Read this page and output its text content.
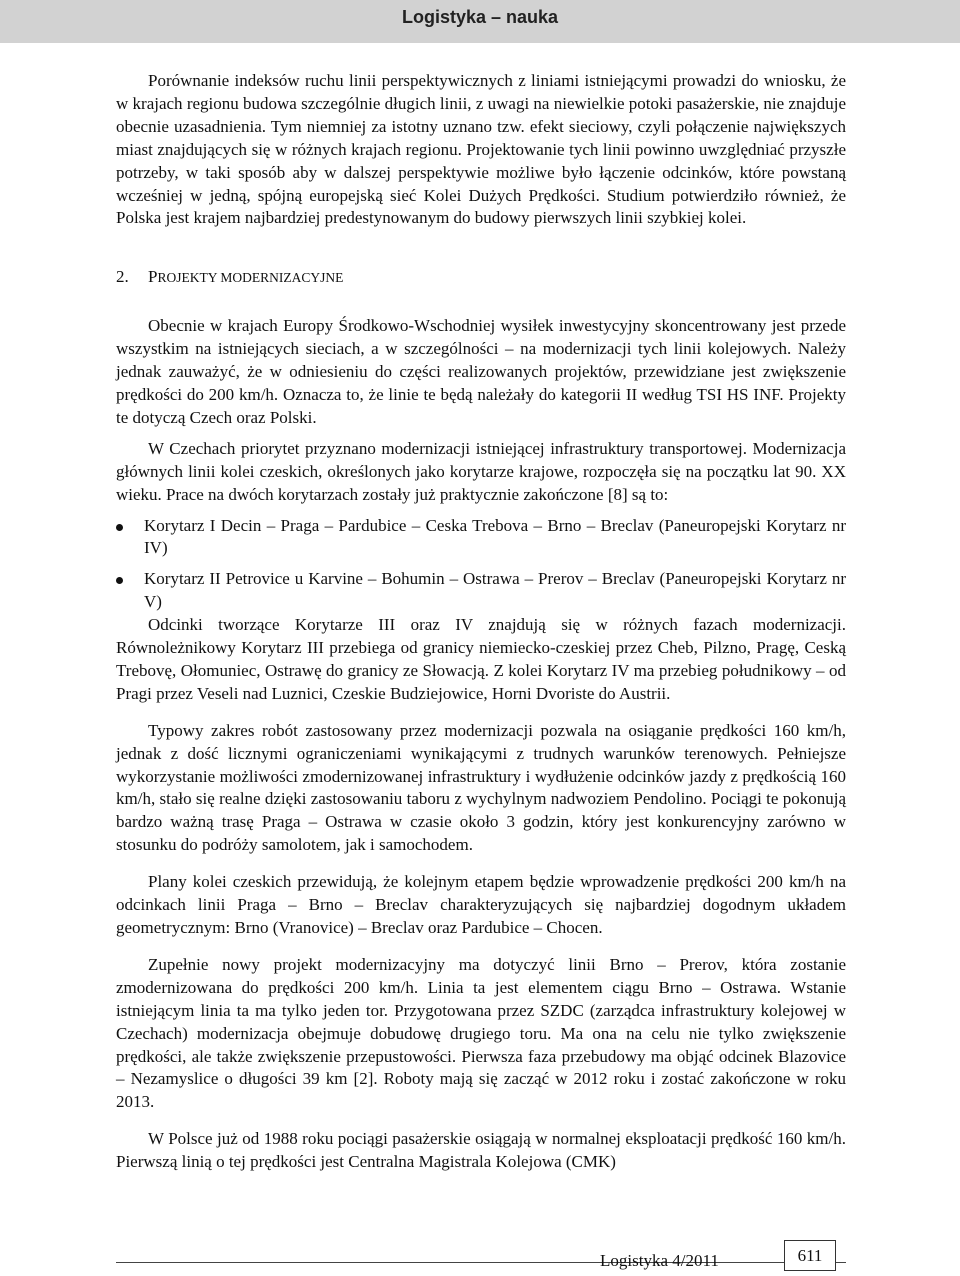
Logistyka – nauka

Porównanie indeksów ruchu linii perspektywicznych z liniami istniejącymi prowadzi do wniosku, że w krajach regionu budowa szczególnie długich linii, z uwagi na niewielkie potoki pasażerskie, nie znajduje obecnie uzasadnienia. Tym niemniej za istotny uznano tzw. efekt sieciowy, czyli połączenie największych miast znajdujących się w różnych krajach regionu. Projektowanie tych linii powinno uwzględniać przyszłe potrzeby, w taki sposób aby w dalszej perspektywie możliwe było łączenie odcinków, które powstaną wcześniej w jedną, spójną europejską sieć Kolei Dużych Prędkości. Studium potwierdziło również, że Polska jest krajem najbardziej predestynowanym do budowy pierwszych linii szybkiej kolei.

2. PROJEKTY MODERNIZACYJNE

Obecnie w krajach Europy Środkowo-Wschodniej wysiłek inwestycyjny skoncentrowany jest przede wszystkim na istniejących sieciach, a w szczególności – na modernizacji tych linii kolejowych. Należy jednak zauważyć, że w odniesieniu do części realizowanych projektów, przewidziane jest zwiększenie prędkości do 200 km/h. Oznacza to, że linie te będą należały do kategorii II według TSI HS INF. Projekty te dotyczą Czech oraz Polski.

W Czechach priorytet przyznano modernizacji istniejącej infrastruktury transportowej. Modernizacja głównych linii kolei czeskich, określonych jako korytarze krajowe, rozpoczęła się na początku lat 90. XX wieku. Prace na dwóch korytarzach zostały już praktycznie zakończone [8] są to:

Korytarz I Decin – Praga – Pardubice – Ceska Trebova – Brno – Breclav (Paneuropejski Korytarz nr IV)
Korytarz II Petrovice u Karvine – Bohumin – Ostrawa – Prerov – Breclav (Paneuropejski Korytarz nr V)

Odcinki tworzące Korytarze III oraz IV znajdują się w różnych fazach modernizacji. Równoleżnikowy Korytarz III przebiega od granicy niemiecko-czeskiej przez Cheb, Pilzno, Pragę, Ceską Trebovę, Ołomuniec, Ostrawę do granicy ze Słowacją. Z kolei Korytarz IV ma przebieg południkowy – od Pragi przez Veseli nad Luznici, Czeskie Budziejowice, Horni Dvoriste do Austrii.

Typowy zakres robót zastosowany przez modernizacji pozwala na osiąganie prędkości 160 km/h, jednak z dość licznymi ograniczeniami wynikającymi z trudnych warunków terenowych. Pełniejsze wykorzystanie możliwości zmodernizowanej infrastruktury i wydłużenie odcinków jazdy z prędkością 160 km/h, stało się realne dzięki zastosowaniu taboru z wychylnym nadwoziem Pendolino. Pociągi te pokonują bardzo ważną trasę Praga – Ostrawa w czasie około 3 godzin, który jest konkurencyjny zarówno w stosunku do podróży samolotem, jak i samochodem.

Plany kolei czeskich przewidują, że kolejnym etapem będzie wprowadzenie prędkości 200 km/h na odcinkach linii Praga – Brno – Breclav charakteryzujących się najbardziej dogodnym układem geometrycznym: Brno (Vranovice) – Breclav oraz Pardubice – Chocen.

Zupełnie nowy projekt modernizacyjny ma dotyczyć linii Brno – Prerov, która zostanie zmodernizowana do prędkości 200 km/h. Linia ta jest elementem ciągu Brno – Ostrawa. Wstanie istniejącym linia ta ma tylko jeden tor. Przygotowana przez SZDC (zarządca infrastruktury kolejowej w Czechach) modernizacja obejmuje dobudowę drugiego toru. Ma ona na celu nie tylko zwiększenie prędkości, ale także zwiększenie przepustowości. Pierwsza faza przebudowy ma objąć odcinek Blazovice – Nezamyslice o długości 39 km [2]. Roboty mają się zacząć w 2012 roku i zostać zakończone w roku 2013.

W Polsce już od 1988 roku pociągi pasażerskie osiągają w normalnej eksploatacji prędkość 160 km/h. Pierwszą linią o tej prędkości jest Centralna Magistrala Kolejowa (CMK)

Logistyka 4/2011	611
